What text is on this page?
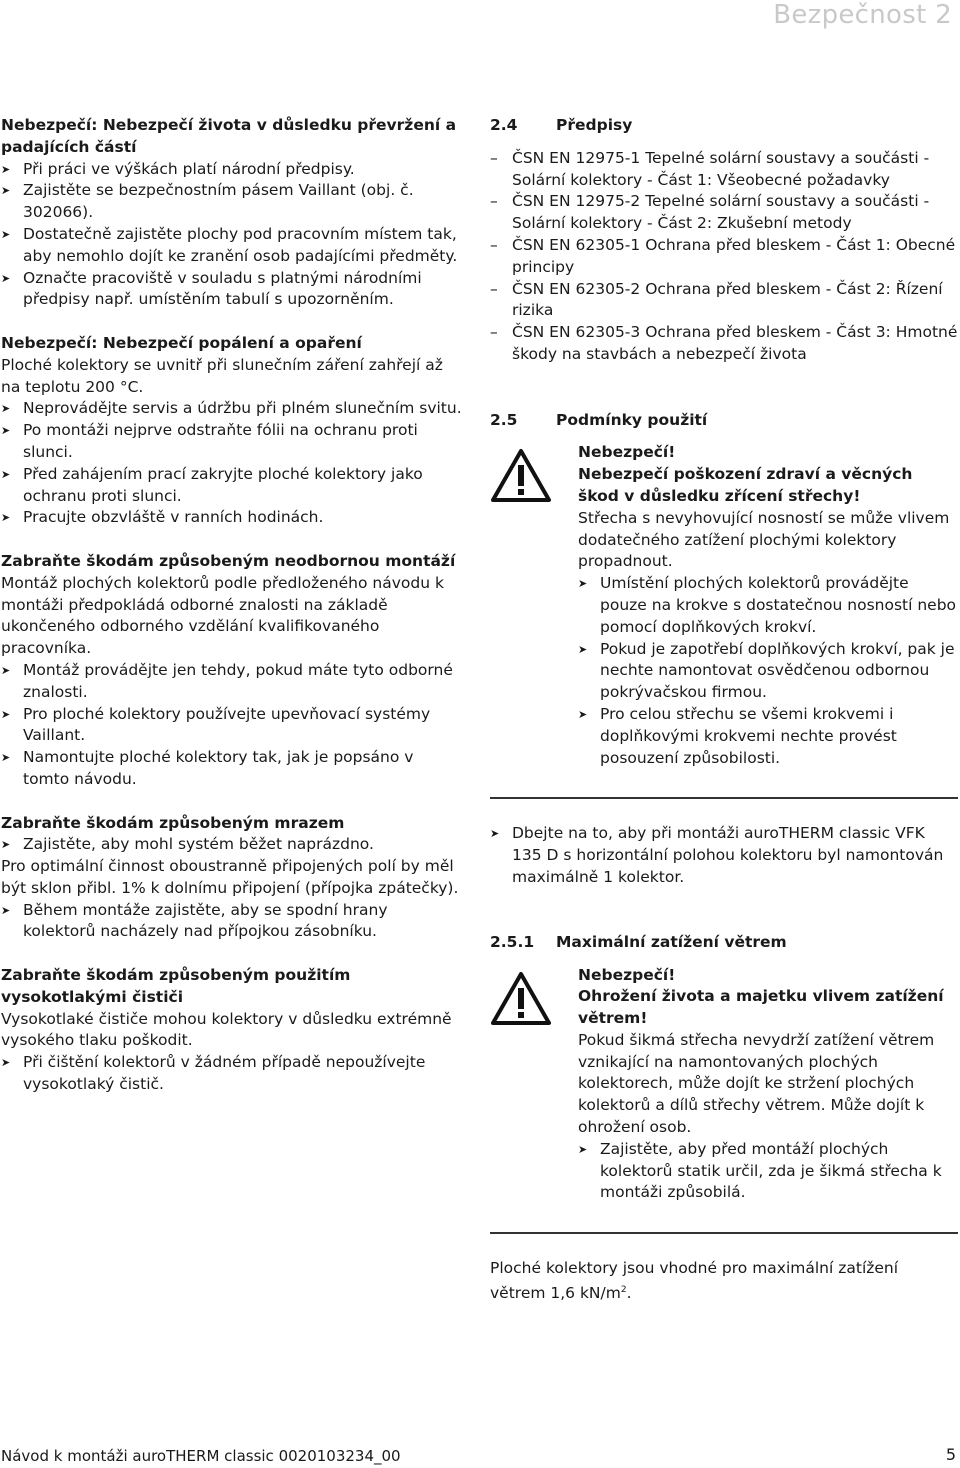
Bezpečnost 2

Nebezpečí: Nebezpečí života v důsledku převržení a padajících částí

➤ Při práci ve výškách platí národní předpisy.

➤ Zajistěte se bezpečnostním pásem Vaillant (obj. č. 302066).

➤ Dostatečně zajistěte plochy pod pracovním místem tak, aby nemohlo dojít ke zranění osob padajícími předměty.

➤ Označte pracoviště v souladu s platnými národními předpisy např. umístěním tabulí s upozorněním.

Nebezpečí: Nebezpečí popálení a opaření

Ploché kolektory se uvnitř při slunečním záření zahřejí až na teplotu 200 °C.

➤ Neprovádějte servis a údržbu při plném slunečním svitu.

➤ Po montáži nejprve odstraňte fólii na ochranu proti slunci.

➤ Před zahájením prací zakryjte ploché kolektory jako ochranu proti slunci.

➤ Pracujte obzvláště v ranních hodinách.

Zabraňte škodám způsobeným neodbornou montáží

Montáž plochých kolektorů podle předloženého návodu k montáži předpokládá odborné znalosti na základě ukončeného odborného vzdělání kvalifikovaného pracovníka.

➤ Montáž provádějte jen tehdy, pokud máte tyto odborné znalosti.

➤ Pro ploché kolektory používejte upevňovací systémy Vaillant.

➤ Namontujte ploché kolektory tak, jak je popsáno v tomto návodu.

Zabraňte škodám způsobeným mrazem

➤ Zajistěte, aby mohl systém běžet naprázdno.

Pro optimální činnost oboustranně připojených polí by měl být sklon přibl. 1% k dolnímu připojení (přípojka zpátečky).

➤ Během montáže zajistěte, aby se spodní hrany kolektorů nacházely nad přípojkou zásobníku.

Zabraňte škodám způsobeným použitím vysokotlakými čističi

Vysokotlaké čističe mohou kolektory v důsledku extrémně vysokého tlaku poškodit.

➤ Při čištění kolektorů v žádném případě nepoužívejte vysokotlaký čistič.

2.4	Předpisy

– ČSN EN 12975-1 Tepelné solární soustavy a součásti - Solární kolektory - Část 1: Všeobecné požadavky

– ČSN EN 12975-2 Tepelné solární soustavy a součásti - Solární kolektory - Část 2: Zkušební metody

– ČSN EN 62305-1 Ochrana před bleskem - Část 1: Obecné principy

– ČSN EN 62305-2 Ochrana před bleskem - Část 2: Řízení rizika

– ČSN EN 62305-3 Ochrana před bleskem - Část 3: Hmotné škody na stavbách a nebezpečí života

2.5	Podmínky použití

Nebezpečí!

Nebezpečí poškození zdraví a věcných škod v důsledku zřícení střechy!

Střecha s nevyhovující nosností se může vlivem dodatečného zatížení plochými kolektory propadnout.

➤ Umístění plochých kolektorů provádějte pouze na krokve s dostatečnou nosností nebo pomocí doplňkových krokví.

➤ Pokud je zapotřebí doplňkových krokví, pak je nechte namontovat osvědčenou odbornou pokrývačskou firmou.

➤ Pro celou střechu se všemi krokvemi i doplňkovými krokvemi nechte provést posouzení způsobilosti.

➤ Dbejte na to, aby při montáži auroTHERM classic VFK 135 D s horizontální polohou kolektoru byl namontován maximálně 1 kolektor.

2.5.1	Maximální zatížení větrem

Nebezpečí!

Ohrožení života a majetku vlivem zatížení větrem!

Pokud šikmá střecha nevydrží zatížení větrem vznikající na namontovaných plochých kolektorech, může dojít ke stržení plochých kolektorů a dílů střechy větrem. Může dojít k ohrožení osob.

➤ Zajistěte, aby před montáží plochých kolektorů statik určil, zda je šikmá střecha k montáži způsobilá.

Ploché kolektory jsou vhodné pro maximální zatížení větrem 1,6 $kN/m^2$.

Návod k montáži auroTHERM classic 0020103234_00	5
